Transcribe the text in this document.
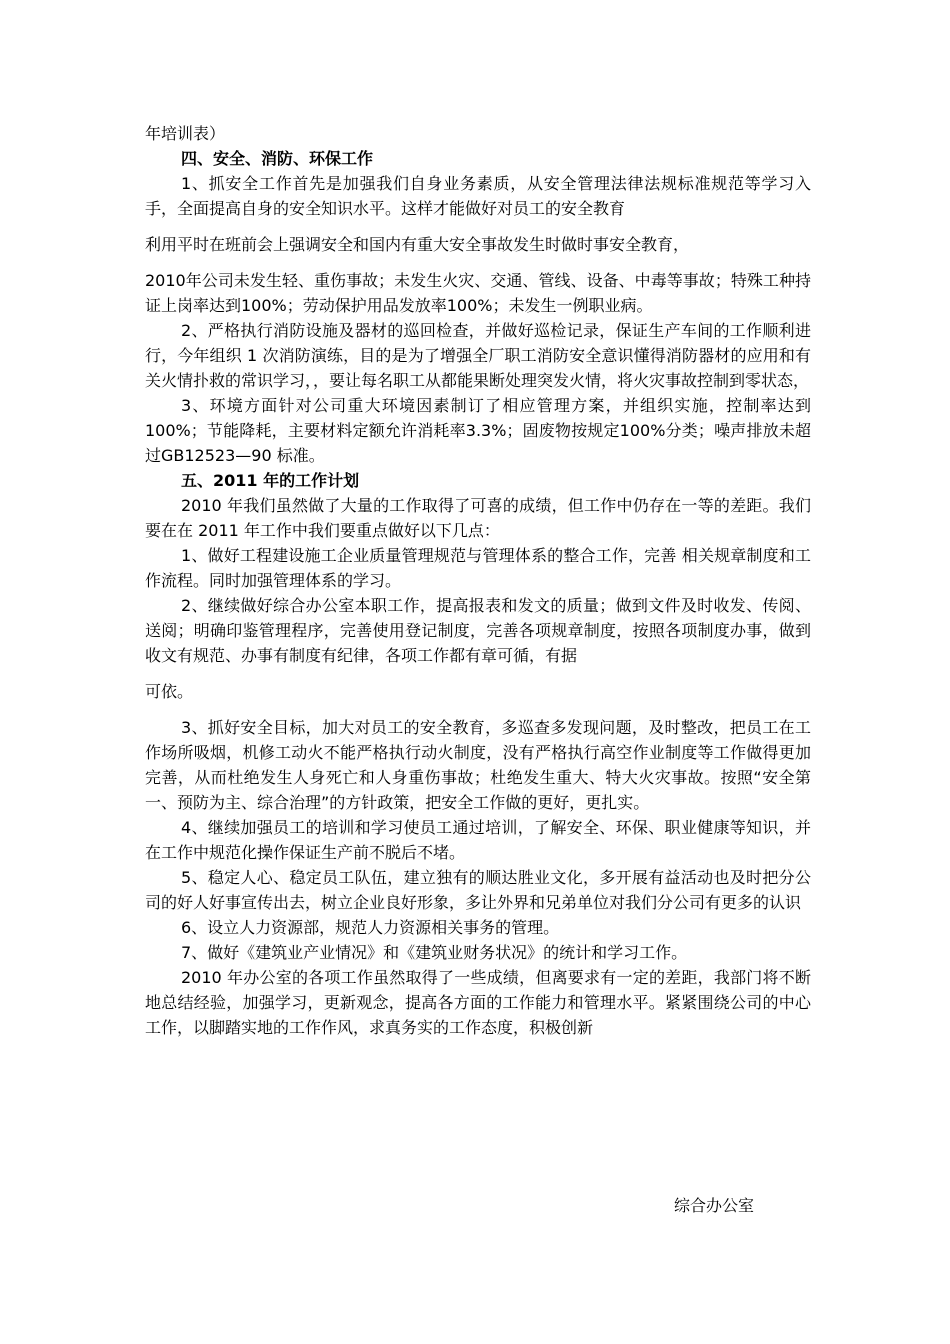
年培训表）

四、安全、消防、环保工作

1、抓安全工作首先是加强我们自身业务素质，从安全管理法律法规标准规范等学习入手，全面提高自身的安全知识水平。这样才能做好对员工的安全教育

利用平时在班前会上强调安全和国内有重大安全事故发生时做时事安全教育，

2010年公司未发生轻、重伤事故；未发生火灾、交通、管线、设备、中毒等事故；特殊工种持证上岗率达到100%；劳动保护用品发放率100%；未发生一例职业病。

2、严格执行消防设施及器材的巡回检查，并做好巡检记录，保证生产车间的工作顺利进行，今年组织 1 次消防演练，目的是为了增强全厂职工消防安全意识懂得消防器材的应用和有关火情扑救的常识学习，，要让每名职工从都能果断处理突发火情，将火灾事故控制到零状态，

3、环境方面针对公司重大环境因素制订了相应管理方案，并组织实施，控制率达到100%；节能降耗，主要材料定额允许消耗率3.3%；固废物按规定100%分类；噪声排放未超过GB12523—90 标准。

五、2011 年的工作计划

2010 年我们虽然做了大量的工作取得了可喜的成绩，但工作中仍存在一等的差距。我们要在在 2011 年工作中我们要重点做好以下几点：

1、做好工程建设施工企业质量管理规范与管理体系的整合工作，完善 相关规章制度和工作流程。同时加强管理体系的学习。

2、继续做好综合办公室本职工作，提高报表和发文的质量；做到文件及时收发、传阅、送阅；明确印鉴管理程序，完善使用登记制度，完善各项规章制度，按照各项制度办事，做到收文有规范、办事有制度有纪律，各项工作都有章可循，有据

可依。

3、抓好安全目标，加大对员工的安全教育，多巡查多发现问题，及时整改，把员工在工作场所吸烟，机修工动火不能严格执行动火制度，没有严格执行高空作业制度等工作做得更加完善，从而杜绝发生人身死亡和人身重伤事故；杜绝发生重大、特大火灾事故。按照“安全第一、预防为主、综合治理”的方针政策，把安全工作做的更好，更扎实。

4、继续加强员工的培训和学习使员工通过培训，了解安全、环保、职业健康等知识，并在工作中规范化操作保证生产前不脱后不堵。

5、稳定人心、稳定员工队伍，建立独有的顺达胜业文化，多开展有益活动也及时把分公司的好人好事宣传出去，树立企业良好形象，多让外界和兄弟单位对我们分公司有更多的认识

6、设立人力资源部，规范人力资源相关事务的管理。

7、做好《建筑业产业情况》和《建筑业财务状况》的统计和学习工作。

2010 年办公室的各项工作虽然取得了一些成绩，但离要求有一定的差距，我部门将不断地总结经验，加强学习，更新观念，提高各方面的工作能力和管理水平。紧紧围绕公司的中心工作，以脚踏实地的工作作风，求真务实的工作态度，积极创新

综合办公室
